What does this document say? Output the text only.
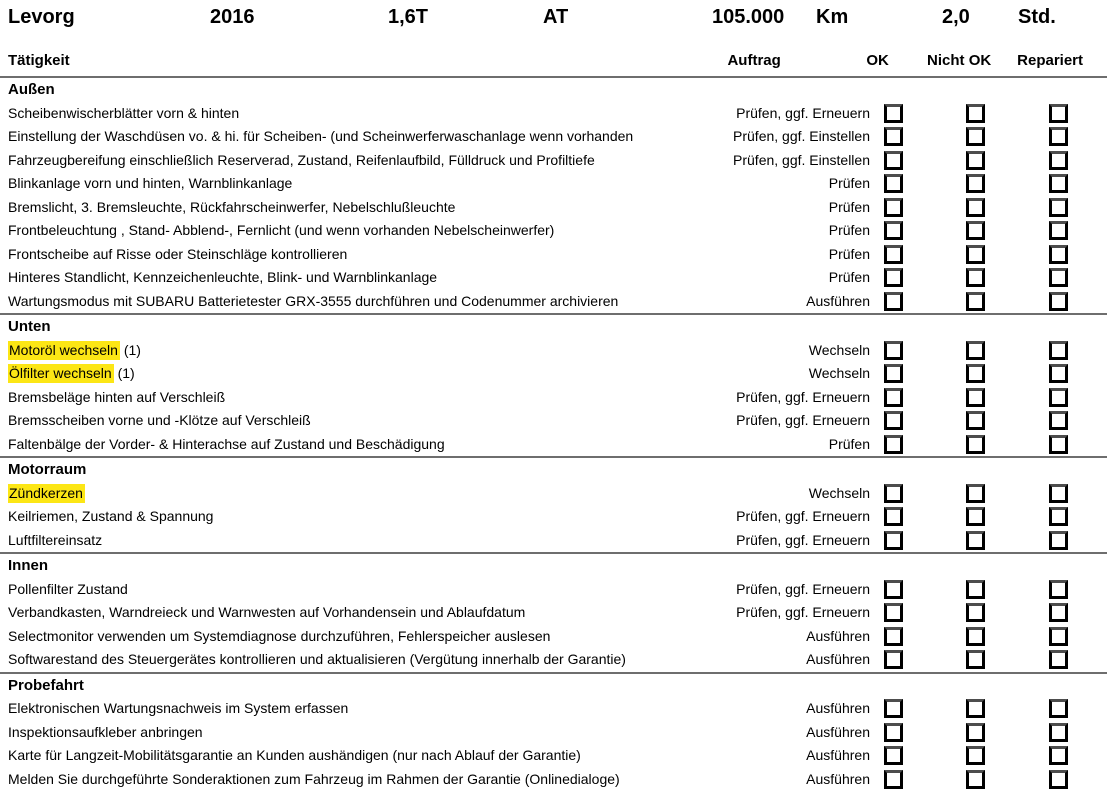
Levorg	2016	1,6T	AT	105.000 Km	2,0 Std.
Tätigkeit	Auftrag	OK	Nicht OK Repariert
Außen
Scheibenwischerblätter vorn & hinten	Prüfen, ggf. Erneuern
Einstellung der Waschdüsen vo. & hi. für Scheiben- (und Scheinwerferwaschanlage wenn vorhanden	Prüfen, ggf. Einstellen
Fahrzeugbereifung einschließlich Reserverad, Zustand, Reifenlaufbild, Fülldruck und Profiltiefe	Prüfen, ggf. Einstellen
Blinkanlage vorn und hinten, Warnblinkanlage	Prüfen
Bremslicht, 3. Bremsleuchte, Rückfahrscheinwerfer, Nebelschlußleuchte	Prüfen
Frontbeleuchtung , Stand- Abblend-, Fernlicht (und wenn vorhanden Nebelscheinwerfer)	Prüfen
Frontscheibe auf Risse oder Steinschläge kontrollieren	Prüfen
Hinteres Standlicht, Kennzeichenleuchte, Blink- und Warnblinkanlage	Prüfen
Wartungsmodus mit SUBARU Batterietester GRX-3555 durchführen und Codenummer archivieren	Ausführen
Unten
Motoröl wechseln (1)	Wechseln
Ölfilter wechseln (1)	Wechseln
Bremsbeläge hinten auf Verschleiß	Prüfen, ggf. Erneuern
Bremsscheiben vorne und -Klötze auf Verschleiß	Prüfen, ggf. Erneuern
Faltenbälge der Vorder- & Hinterachse auf Zustand und Beschädigung	Prüfen
Motorraum
Zündkerzen	Wechseln
Keilriemen, Zustand & Spannung	Prüfen, ggf. Erneuern
Luftfiltereinsatz	Prüfen, ggf. Erneuern
Innen
Pollenfilter Zustand	Prüfen, ggf. Erneuern
Verbandkasten, Warndreieck und Warnwesten auf Vorhandensein und Ablaufdatum	Prüfen, ggf. Erneuern
Selectmonitor verwenden um Systemdiagnose durchzuführen, Fehlerspeicher auslesen	Ausführen
Softwarestand des Steuergerätes kontrollieren und aktualisieren (Vergütung innerhalb der Garantie)	Ausführen
Probefahrt
Elektronischen Wartungsnachweis im System erfassen	Ausführen
Inspektionsaufkleber anbringen	Ausführen
Karte für Langzeit-Mobilitätsgarantie an Kunden aushändigen (nur nach Ablauf der Garantie)	Ausführen
Melden Sie durchgeführte Sonderaktionen zum Fahrzeug im Rahmen der Garantie (Onlinedialoge)	Ausführen
